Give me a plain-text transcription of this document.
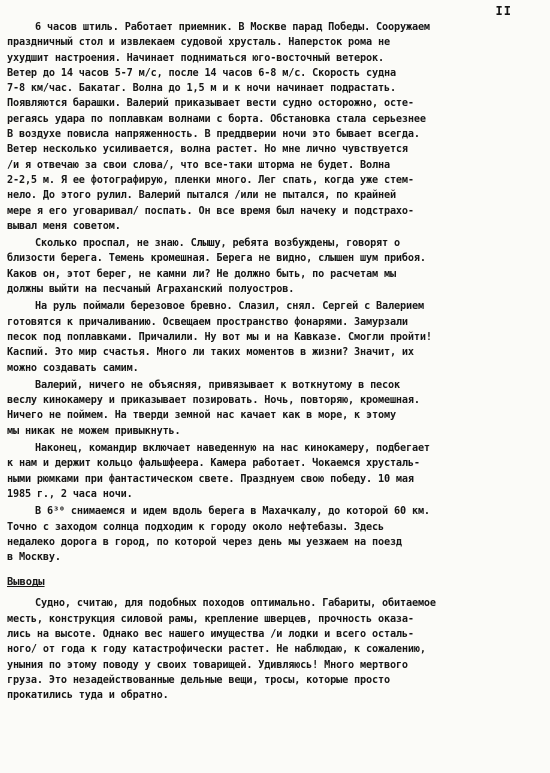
II

6 часов штиль. Работает приемник. В Москве парад Победы. Сооружаем
праздничный стол и извлекаем судовой хрусталь. Наперсток рома не
ухудшит настроения. Начинает подниматься юго-восточный ветерок.
Ветер до 14 часов 5-7 м/с, после 14 часов 6-8 м/с. Скорость судна
7-8 км/час. Бакатаг. Волна до 1,5 м и к ночи начинает подрастать.
Появляются барашки. Валерий приказывает вести судно осторожно, осте-
регаясь удара по поплавкам волнами с борта. Обстановка стала серьезнее
В воздухе повисла напряженность. В преддверии ночи это бывает всегда.
Ветер несколько усиливается, волна растет. Но мне лично чувствуется
/и я отвечаю за свои слова/, что все-таки шторма не будет. Волна
2-2,5 м. Я ее фотографирую, пленки много. Лег спать, когда уже стем-
нело. До этого рулил. Валерий пытался /или не пытался, по крайней
мере я его уговаривал/ поспать. Он все время был начеку и подстрахо-
вывал меня советом.

Сколько проспал, не знаю. Слышу, ребята возбуждены, говорят о
близости берега. Темень кромешная. Берега не видно, слышен шум прибоя.
Каков он, этот берег, не камни ли? Не должно быть, по расчетам мы
должны выйти на песчаный Аграханский полуостров.

На руль поймали березовое бревно. Слазил, снял. Сергей с Валерием
готовятся к причаливанию. Освещаем пространство фонарями. Замурзали
песок под поплавками. Причалили. Ну вот мы и на Кавказе. Смогли пройти!
Каспий. Это мир счастья. Много ли таких моментов в жизни? Значит, их
можно создавать самим.

Валерий, ничего не объясняя, привязывает к воткнутому в песок
веслу кинокамеру и приказывает позировать. Ночь, повторяю, кромешная.
Ничего не поймем. На тверди земной нас качает как в море, к этому
мы никак не можем привыкнуть.

Наконец, командир включает наведенную на нас кинокамеру, подбегает
к нам и держит кольцо фальшфеера. Камера работает. Чокаемся хрусталь-
ными рюмками при фантастическом свете. Празднуем свою победу. 10 мая
1985 г., 2 часа ночи.

В 6³⁰ снимаемся и идем вдоль берега в Махачкалу, до которой 60 км.
Точно с заходом солнца подходим к городу около нефтебазы. Здесь
недалеко дорога в город, по которой через день мы уезжаем на поезд
в Москву.

Выводы

Судно, считаю, для подобных походов оптимально. Габариты, обитаемое
месть, конструкция силовой рамы, крепление шверцев, прочность оказа-
лись на высоте. Однако вес нашего имущества /и лодки и всего осталь-
ного/ от года к году катастрофически растет. Не наблюдаю, к сожалению,
уныния по этому поводу у своих товарищей. Удивляюсь! Много мертвого
груза. Это незадействованные дельные вещи, тросы, которые просто
прокатились туда и обратно.
